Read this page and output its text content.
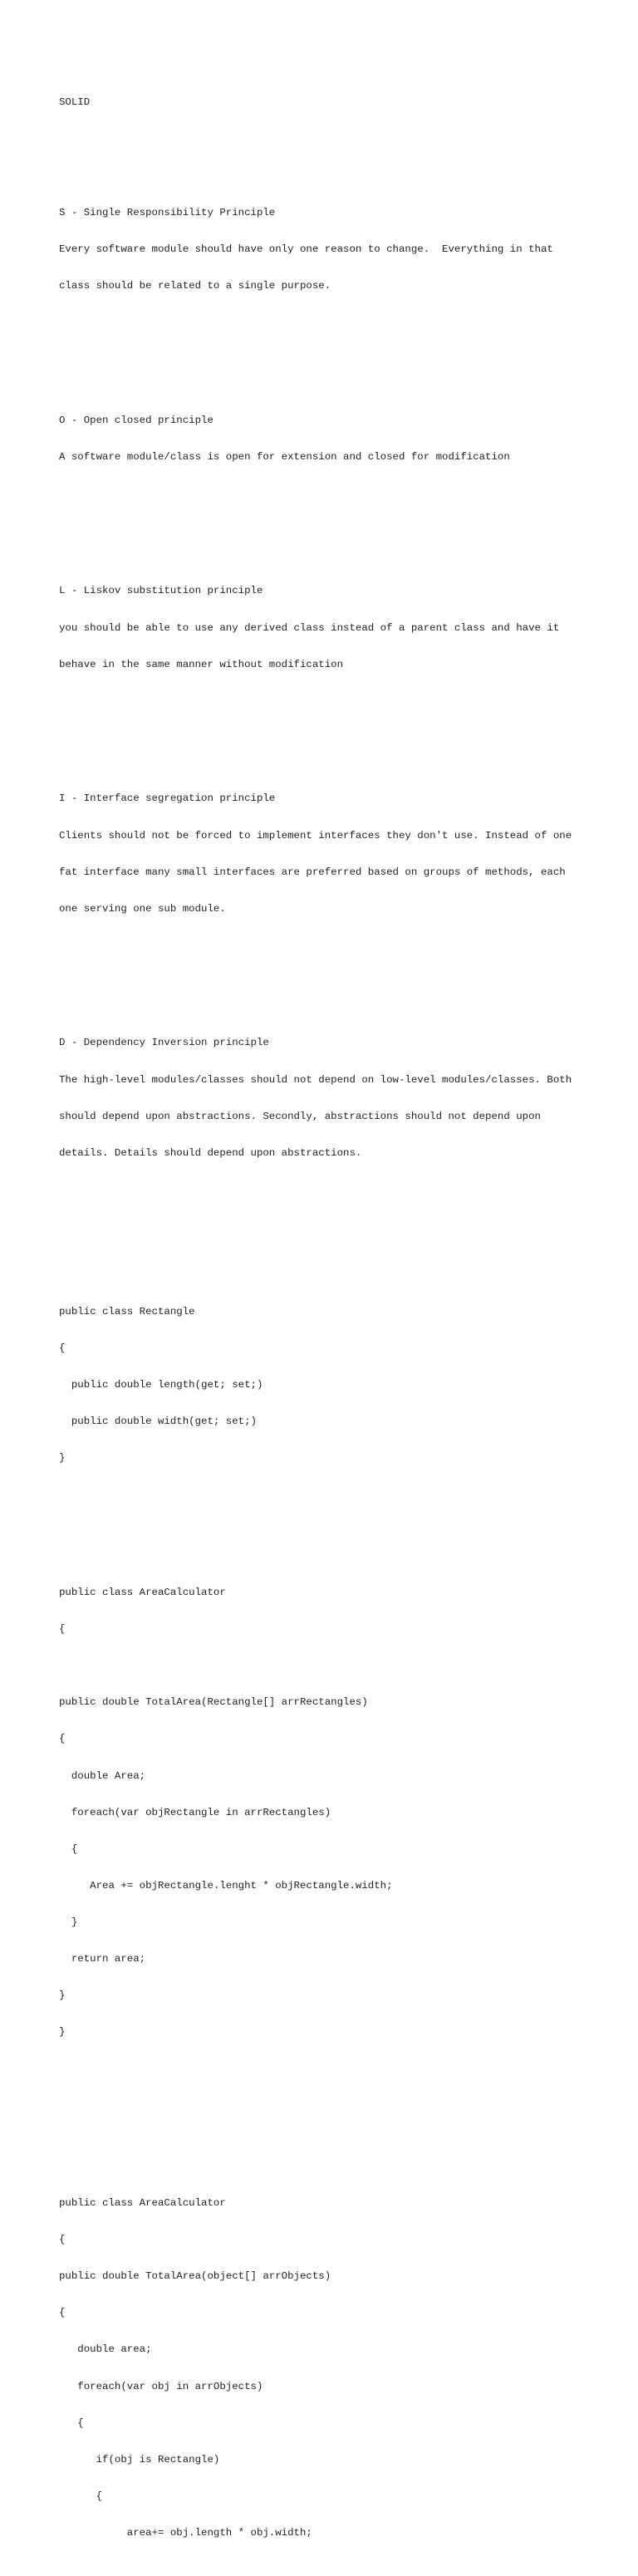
SOLID

S - Single Responsibility Principle

Every software module should have only one reason to change.  Everything in that

class should be related to a single purpose.

O - Open closed principle

A software module/class is open for extension and closed for modification

L - Liskov substitution principle

you should be able to use any derived class instead of a parent class and have it

behave in the same manner without modification

I - Interface segregation principle

Clients should not be forced to implement interfaces they don't use. Instead of one

fat interface many small interfaces are preferred based on groups of methods, each

one serving one sub module.

D - Dependency Inversion principle

The high-level modules/classes should not depend on low-level modules/classes. Both

should depend upon abstractions. Secondly, abstractions should not depend upon

details. Details should depend upon abstractions.

public class Rectangle

{

public double length(get; set;)

public double width(get; set;)

}

public class AreaCalculator

{

public double TotalArea(Rectangle[] arrRectangles)

{

double Area;

foreach(var objRectangle in arrRectangles)

{

Area += objRectangle.lenght * objRectangle.width;

}

return area;

}

}

public class AreaCalculator

{

public double TotalArea(object[] arrObjects)

{

double area;

foreach(var obj in arrObjects)

{

if(obj is Rectangle)

{

area+= obj.length * obj.width;
